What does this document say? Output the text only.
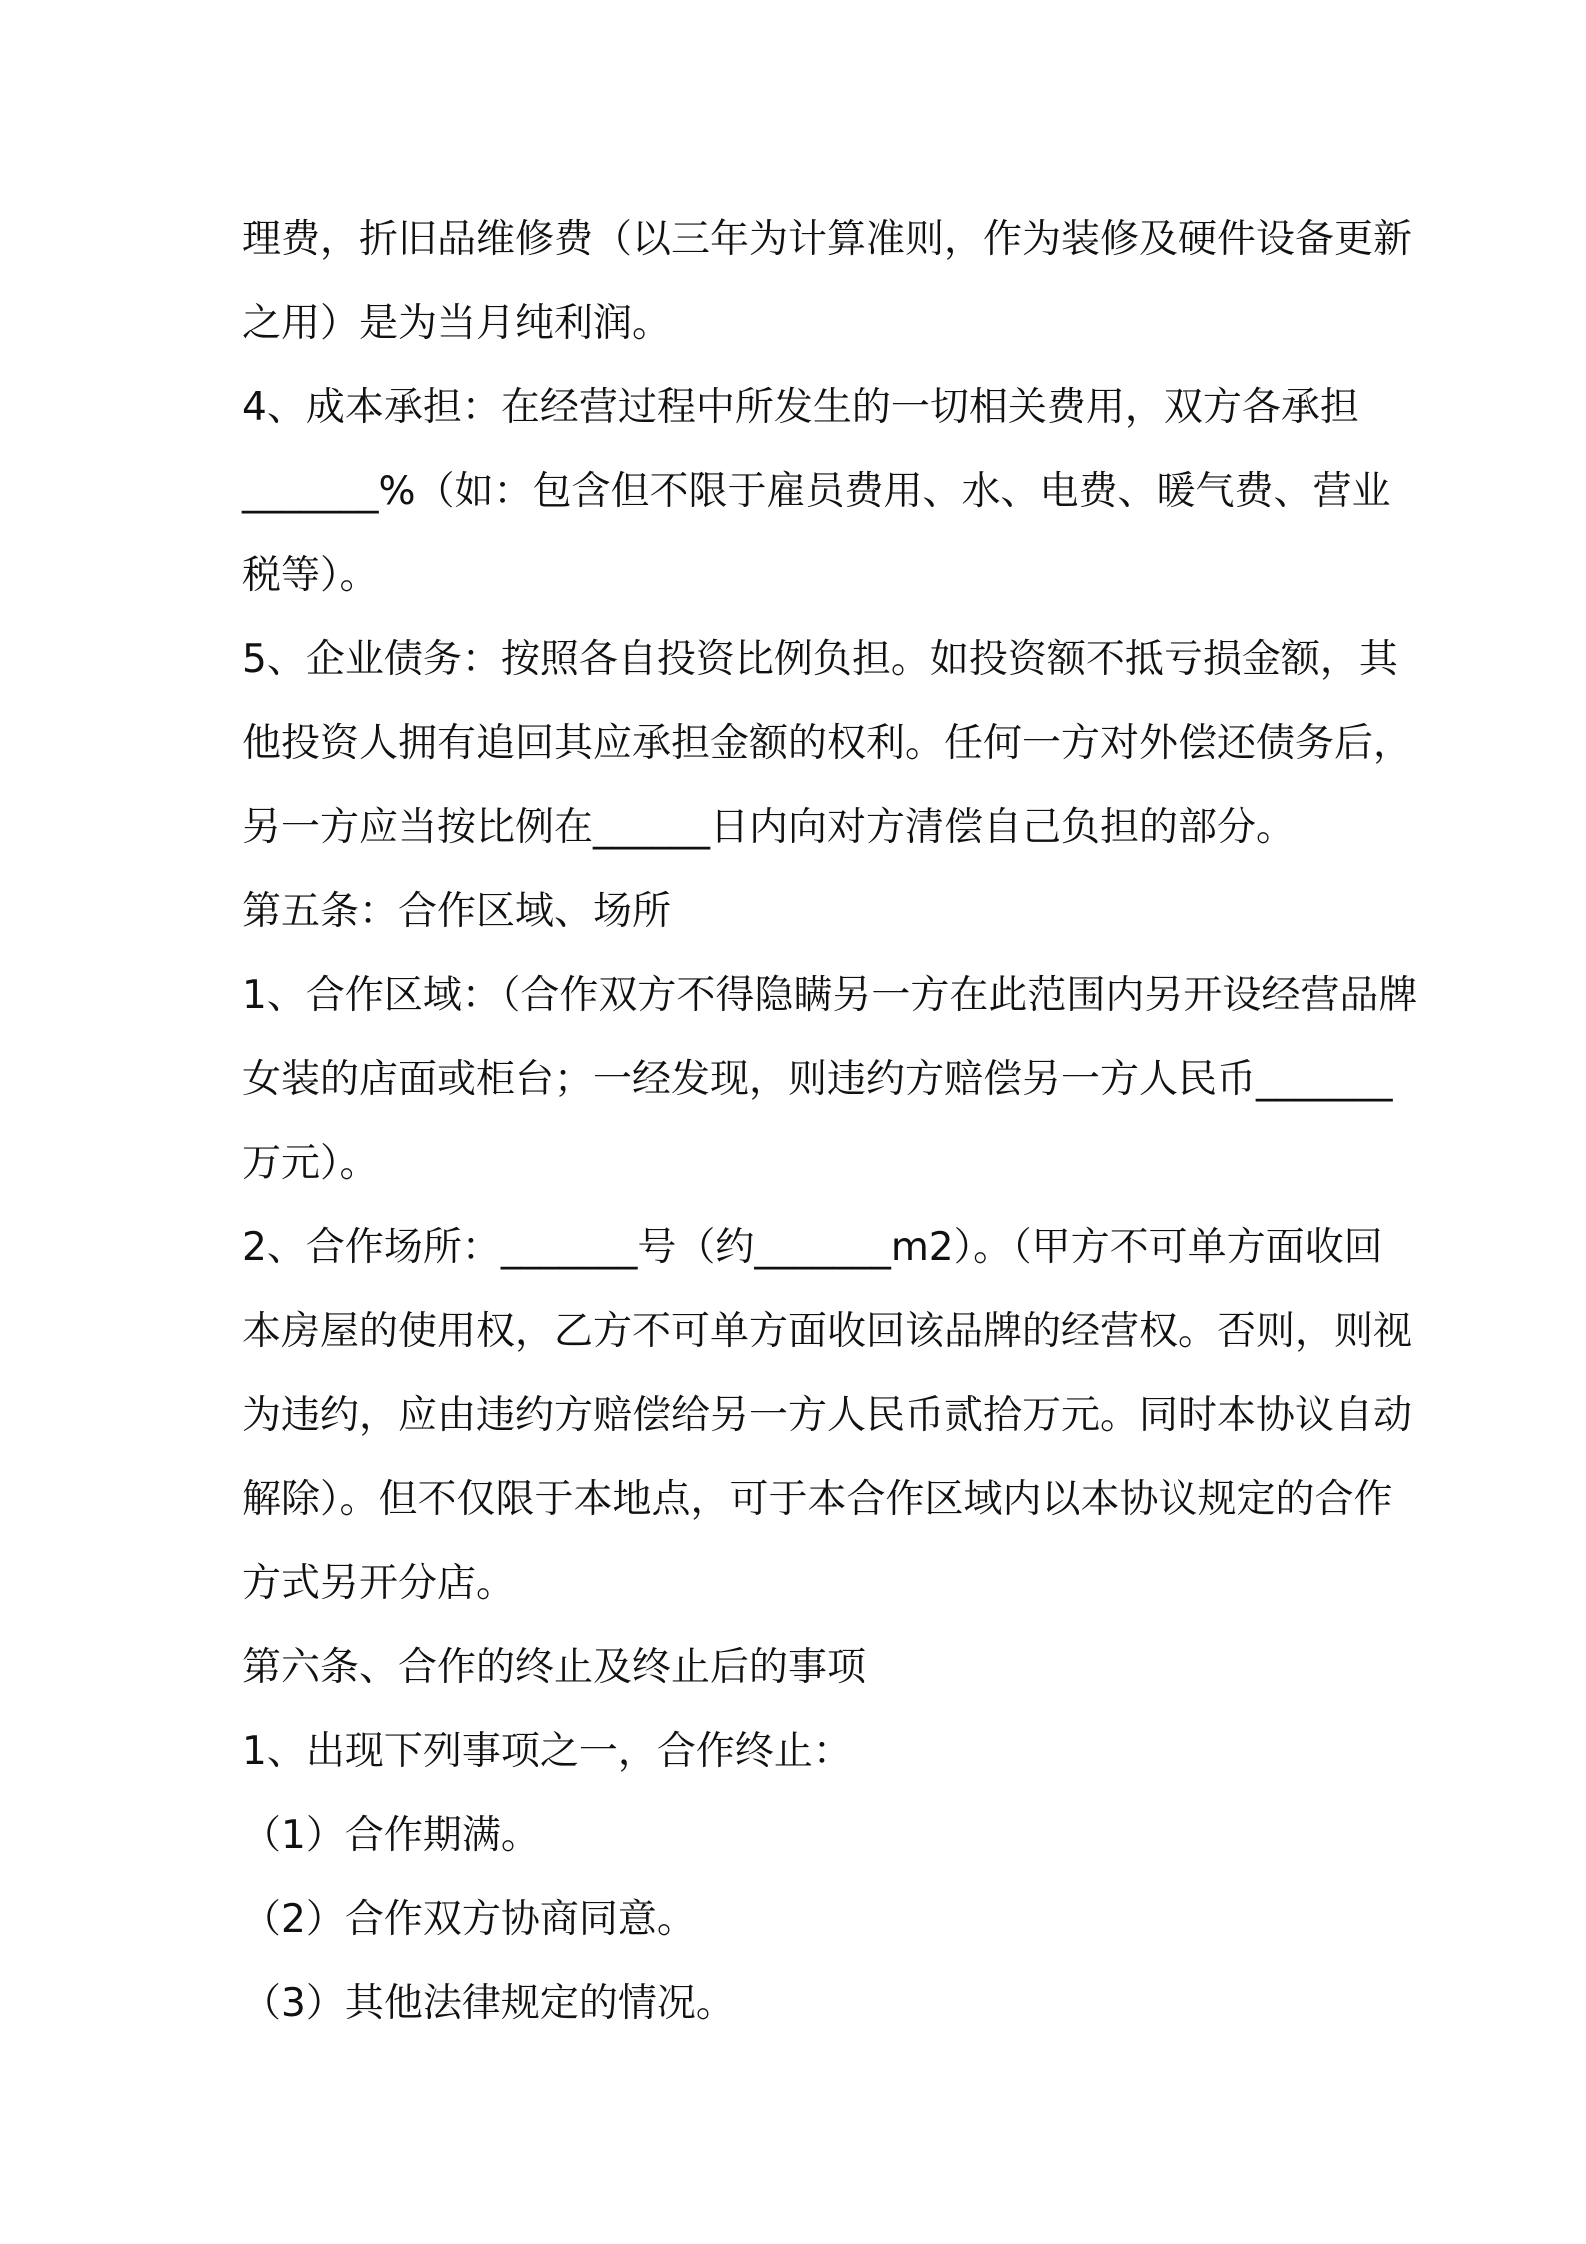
理费，折旧品维修费（以三年为计算准则，作为装修及硬件设备更新
之用）是为当月纯利润。
4、成本承担：在经营过程中所发生的一切相关费用，双方各承担
_______%（如：包含但不限于雇员费用、水、电费、暖气费、营业
税等）。
5、企业债务：按照各自投资比例负担。如投资额不抵亏损金额，其
他投资人拥有追回其应承担金额的权利。任何一方对外偿还债务后，
另一方应当按比例在______日内向对方清偿自己负担的部分。
第五条：合作区域、场所
1、合作区域：（合作双方不得隐瞒另一方在此范围内另开设经营品牌
女装的店面或柜台；一经发现，则违约方赔偿另一方人民币_______
万元）。
2、合作场所：_______号（约_______m2）。（甲方不可单方面收回
本房屋的使用权，乙方不可单方面收回该品牌的经营权。否则，则视
为违约，应由违约方赔偿给另一方人民币贰拾万元。同时本协议自动
解除）。但不仅限于本地点，可于本合作区域内以本协议规定的合作
方式另开分店。
第六条、合作的终止及终止后的事项
1、出现下列事项之一，合作终止：
（1）合作期满。
（2）合作双方协商同意。
（3）其他法律规定的情况。
